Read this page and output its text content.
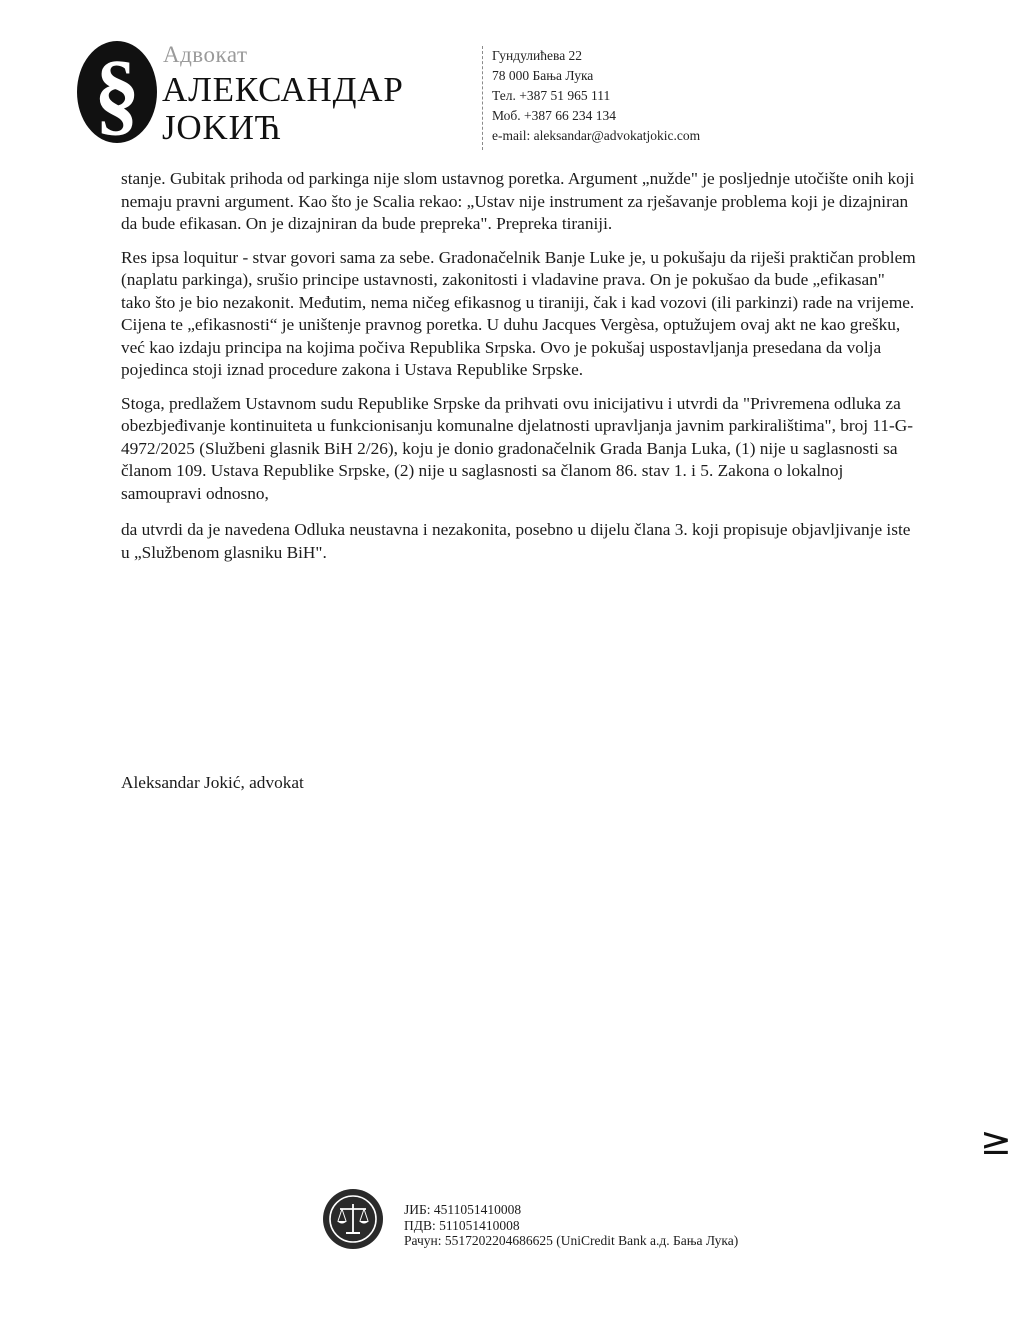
§ Адвокат
АЛЕКСАНДАР
JOKИЋ
Гундулићева 22
78 000 Бања Лука
Тел. +387 51 965 111
Моб. +387 66 234 134
e-mail: aleksandar@advokatjokic.com

stanje. Gubitak prihoda od parkinga nije slom ustavnog poretka. Argument „nužde" je posljednje utočište onih koji nemaju pravni argument. Kao što je Scalia rekao: „Ustav nije instrument za rješavanje problema koji je dizajniran da bude efikasan. On je dizajniran da bude prepreka". Prepreka tiraniji.

Res ipsa loquitur - stvar govori sama za sebe. Gradonačelnik Banje Luke je, u pokušaju da riješi praktičan problem (naplatu parkinga), srušio principe ustavnosti, zakonitosti i vladavine prava. On je pokušao da bude „efikasan" tako što je bio nezakonit. Međutim, nema ničeg efikasnog u tiraniji, čak i kad vozovi (ili parkinzi) rade na vrijeme. Cijena te „efikasnosti“ je uništenje pravnog poretka. U duhu Jacques Vergèsa, optužujem ovaj akt ne kao grešku, već kao izdaju principa na kojima počiva Republika Srpska. Ovo je pokušaj uspostavljanja presedana da volja pojedinca stoji iznad procedure zakona i Ustava Republike Srpske.

Stoga, predlažem Ustavnom sudu Republike Srpske da prihvati ovu inicijativu i utvrdi da "Privremena odluka za obezbjeđivanje kontinuiteta u funkcionisanju komunalne djelatnosti upravljanja javnim parkiralištima", broj 11-G-4972/2025 (Službeni glasnik BiH 2/26), koju je donio gradonačelnik Grada Banja Luka, (1) nije u saglasnosti sa članom 109. Ustava Republike Srpske, (2) nije u saglasnosti sa članom 86. stav 1. i 5. Zakona o lokalnoj samoupravi odnosno,

da utvrdi da je navedena Odluka neustavna i nezakonita, posebno u dijelu člana 3. koji propisuje objavljivanje iste u „Službenom glasniku BiH".

Aleksandar Jokić, advokat
≥
ЈИБ: 4511051410008
ПДВ: 511051410008
Рачун: 5517202204686625 (UniCredit Bank а.д. Бања Лука)
